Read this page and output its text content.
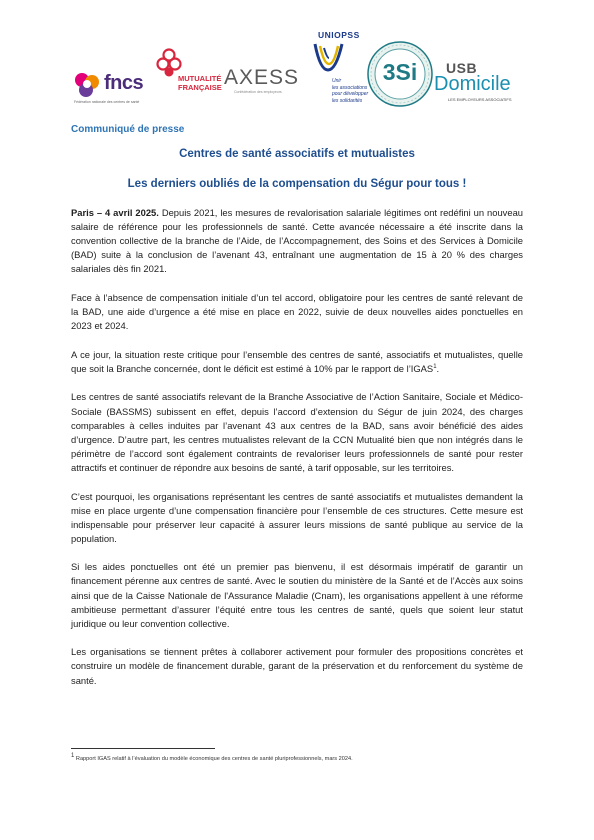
fncs
Fédération nationale des centres de santé
MUTUALITÉ
FRANÇAISE AXESS
Confédération des employeurs
UNIOPSS
Unir
les associations
pour développer
les solidarités
3Si	USB
Domicile
LES EMPLOYEURS ASSOCIATIFS
Communiqué de presse
Centres de santé associatifs et mutualistes
Les derniers oubliés de la compensation du Ségur pour tous !

Paris – 4 avril 2025. Depuis 2021, les mesures de revalorisation salariale légitimes ont redéfini un nouveau salaire de référence pour les professionnels de santé. Cette avancée nécessaire a été inscrite dans la convention collective de la branche de l’Aide, de l’Accompagnement, des Soins et des Services à Domicile (BAD) suite à la conclusion de l’avenant 43, entraînant une augmentation de 15 à 20 % des charges salariales dès fin 2021.

Face à l’absence de compensation initiale d’un tel accord, obligatoire pour les centres de santé relevant de la BAD, une aide d’urgence a été mise en place en 2022, suivie de deux nouvelles aides ponctuelles en 2023 et 2024.

A ce jour, la situation reste critique pour l’ensemble des centres de santé, associatifs et mutualistes, quelle que soit la Branche concernée, dont le déficit est estimé à 10% par le rapport de l’IGAS$^1$.

Les centres de santé associatifs relevant de la Branche Associative de l’Action Sanitaire, Sociale et Médico-Sociale (BASSMS) subissent en effet, depuis l’accord d’extension du Ségur de juin 2024, des charges comparables à celles induites par l’avenant 43 aux centres de la BAD, sans avoir bénéficié des aides d’urgence. D’autre part, les centres mutualistes relevant de la CCN Mutualité bien que non intégrés dans le périmètre de l’accord sont également contraints de revaloriser leurs professionnels de santé pour rester attractifs et continuer de répondre aux besoins de santé, à tarif opposable, sur les territoires.

C’est pourquoi, les organisations représentant les centres de santé associatifs et mutualistes demandent la mise en place urgente d’une compensation financière pour l’ensemble de ces structures. Cette mesure est indispensable pour préserver leur capacité à assurer leurs missions de santé publique au service de la population.

Si les aides ponctuelles ont été un premier pas bienvenu, il est désormais impératif de garantir un financement pérenne aux centres de santé. Avec le soutien du ministère de la Santé et de l’Accès aux soins ainsi que de la Caisse Nationale de l'Assurance Maladie (Cnam), les organisations appellent à une réforme ambitieuse permettant d’assurer l’équité entre tous les centres de santé, quels que soient leur statut juridique ou leur convention collective.

Les organisations se tiennent prêtes à collaborer activement pour formuler des propositions concrètes et construire un modèle de financement durable, garant de la préservation et du renforcement du système de santé.

$^1$ Rapport IGAS relatif à l’évaluation du modèle économique des centres de santé pluriprofessionnels, mars 2024.
